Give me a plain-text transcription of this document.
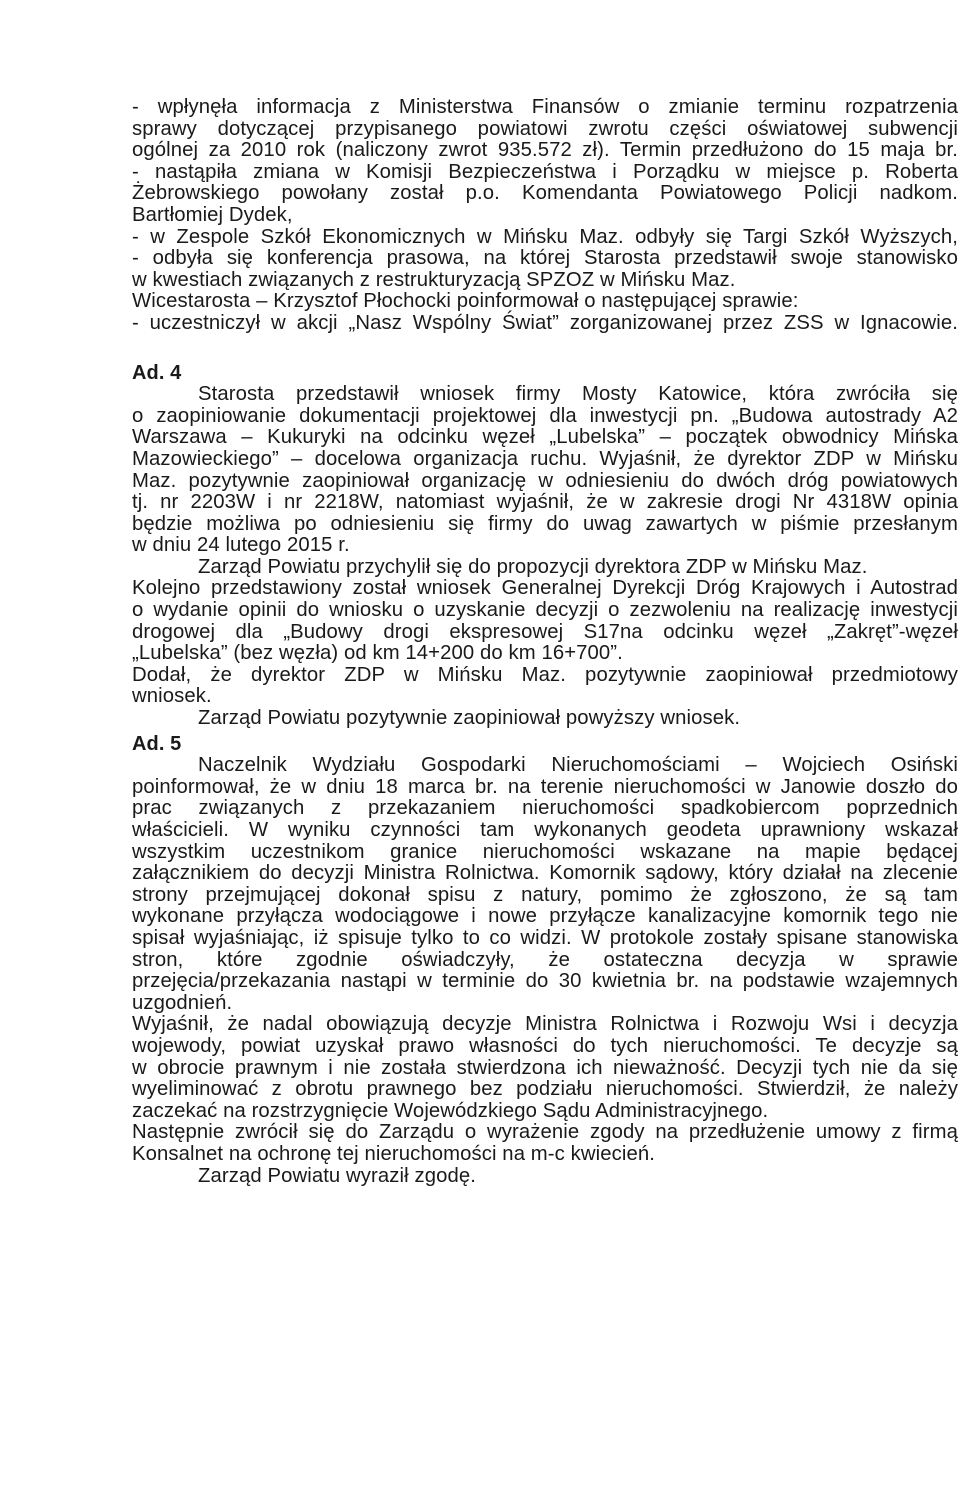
- wpłynęła informacja z Ministerstwa Finansów o zmianie terminu rozpatrzenia
sprawy dotyczącej przypisanego powiatowi zwrotu części oświatowej subwencji
ogólnej za 2010 rok (naliczony zwrot 935.572 zł). Termin przedłużono do 15 maja br.
- nastąpiła zmiana w Komisji Bezpieczeństwa i Porządku w miejsce p. Roberta
Żebrowskiego powołany został p.o. Komendanta Powiatowego Policji nadkom.
Bartłomiej Dydek,
- w Zespole Szkół Ekonomicznych w Mińsku Maz. odbyły się Targi Szkół Wyższych,
- odbyła się konferencja prasowa, na której Starosta przedstawił swoje stanowisko
w kwestiach związanych z restrukturyzacją SPZOZ w Mińsku Maz.
Wicestarosta – Krzysztof Płochocki poinformował o następującej sprawie:
- uczestniczył w akcji „Nasz Wspólny Świat” zorganizowanej przez ZSS w Ignacowie.
Ad. 4
Starosta przedstawił wniosek firmy Mosty Katowice, która zwróciła się
o zaopiniowanie dokumentacji projektowej dla inwestycji pn. „Budowa autostrady A2
Warszawa – Kukuryki na odcinku węzeł „Lubelska” – początek obwodnicy Mińska
Mazowieckiego” – docelowa organizacja ruchu. Wyjaśnił, że dyrektor ZDP w Mińsku
Maz. pozytywnie zaopiniował organizację w odniesieniu do dwóch dróg powiatowych
tj. nr 2203W i nr 2218W, natomiast wyjaśnił, że w zakresie drogi Nr 4318W opinia
będzie możliwa po odniesieniu się firmy do uwag zawartych w piśmie przesłanym
w dniu 24 lutego 2015 r.
Zarząd Powiatu przychylił się do propozycji dyrektora ZDP w Mińsku Maz.
Kolejno przedstawiony został wniosek Generalnej Dyrekcji Dróg Krajowych i Autostrad
o wydanie opinii do wniosku o uzyskanie decyzji o zezwoleniu na realizację inwestycji
drogowej dla „Budowy drogi ekspresowej S17na odcinku węzeł „Zakręt”-węzeł
„Lubelska” (bez węzła) od km 14+200 do km 16+700”.
Dodał, że dyrektor ZDP w Mińsku Maz. pozytywnie zaopiniował przedmiotowy
wniosek.
Zarząd Powiatu pozytywnie zaopiniował powyższy wniosek.
Ad. 5
Naczelnik Wydziału Gospodarki Nieruchomościami – Wojciech Osiński
poinformował, że w dniu 18 marca br. na terenie nieruchomości w Janowie doszło do
prac związanych z przekazaniem nieruchomości spadkobiercom poprzednich
właścicieli. W wyniku czynności tam wykonanych geodeta uprawniony wskazał
wszystkim uczestnikom granice nieruchomości wskazane na mapie będącej
załącznikiem do decyzji Ministra Rolnictwa. Komornik sądowy, który działał na zlecenie
strony przejmującej dokonał spisu z natury, pomimo że zgłoszono, że są tam
wykonane przyłącza wodociągowe i nowe przyłącze kanalizacyjne komornik tego nie
spisał wyjaśniając, iż spisuje tylko to co widzi. W protokole zostały spisane stanowiska
stron, które zgodnie oświadczyły, że ostateczna decyzja w sprawie
przejęcia/przekazania nastąpi w terminie do 30 kwietnia br. na podstawie wzajemnych
uzgodnień.
Wyjaśnił, że nadal obowiązują decyzje Ministra Rolnictwa i Rozwoju Wsi i decyzja
wojewody, powiat uzyskał prawo własności do tych nieruchomości. Te decyzje są
w obrocie prawnym i nie została stwierdzona ich nieważność. Decyzji tych nie da się
wyeliminować z obrotu prawnego bez podziału nieruchomości. Stwierdził, że należy
zaczekać na rozstrzygnięcie Wojewódzkiego Sądu Administracyjnego.
Następnie zwrócił się do Zarządu o wyrażenie zgody na przedłużenie umowy z firmą
Konsalnet na ochronę tej nieruchomości na m-c kwiecień.
Zarząd Powiatu wyraził zgodę.
